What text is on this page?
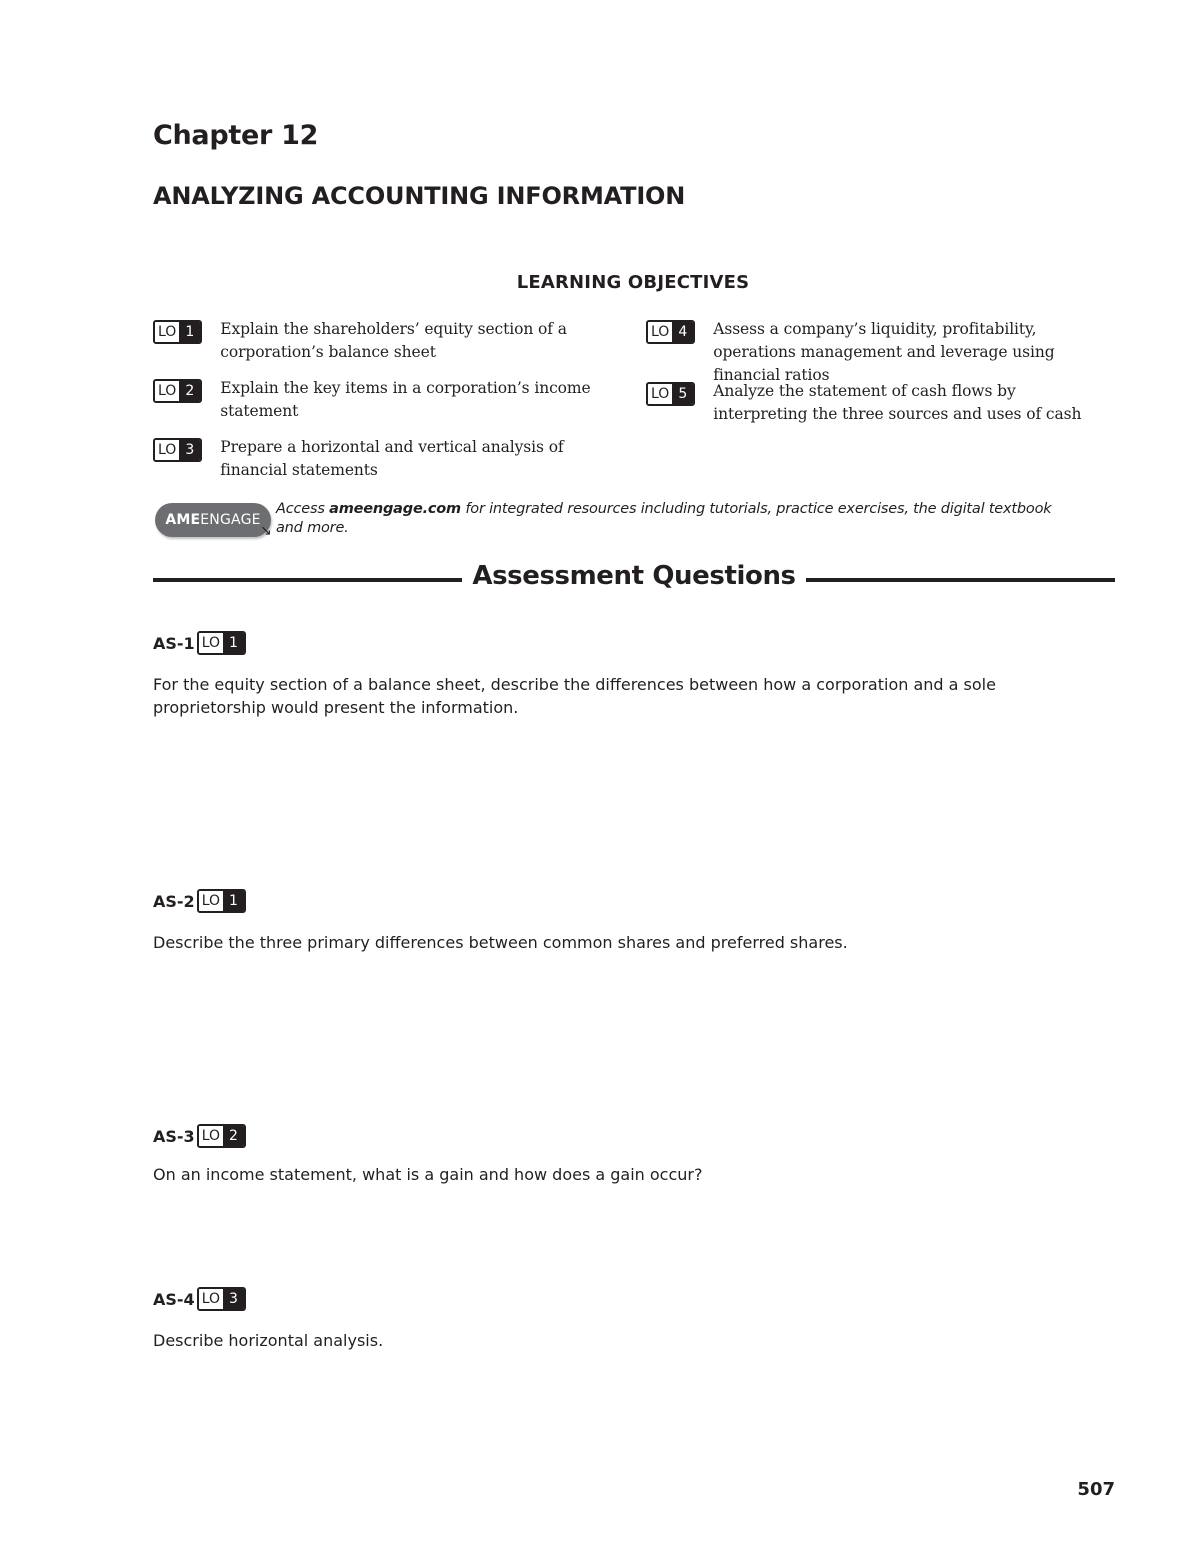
Chapter 12
ANALYZING ACCOUNTING INFORMATION
LEARNING OBJECTIVES
LO 1	Explain the shareholders’ equity section of a corporation’s balance sheet
LO 2	Explain the key items in a corporation’s income statement
LO 3	Prepare a horizontal and vertical analysis of financial statements
LO 4	Assess a company’s liquidity, profitability, operations management and leverage using financial ratios
LO 5	Analyze the statement of cash flows by interpreting the three sources and uses of cash
AME ENGAGE
↘
Access ameengage.com for integrated resources including tutorials, practice exercises, the digital textbook and more.
Assessment Questions
AS-1 LO 1
For the equity section of a balance sheet, describe the differences between how a corporation and a sole proprietorship would present the information.
AS-2 LO 1
Describe the three primary differences between common shares and preferred shares.
AS-3 LO 2
On an income statement, what is a gain and how does a gain occur?
AS-4 LO 3
Describe horizontal analysis.
507
